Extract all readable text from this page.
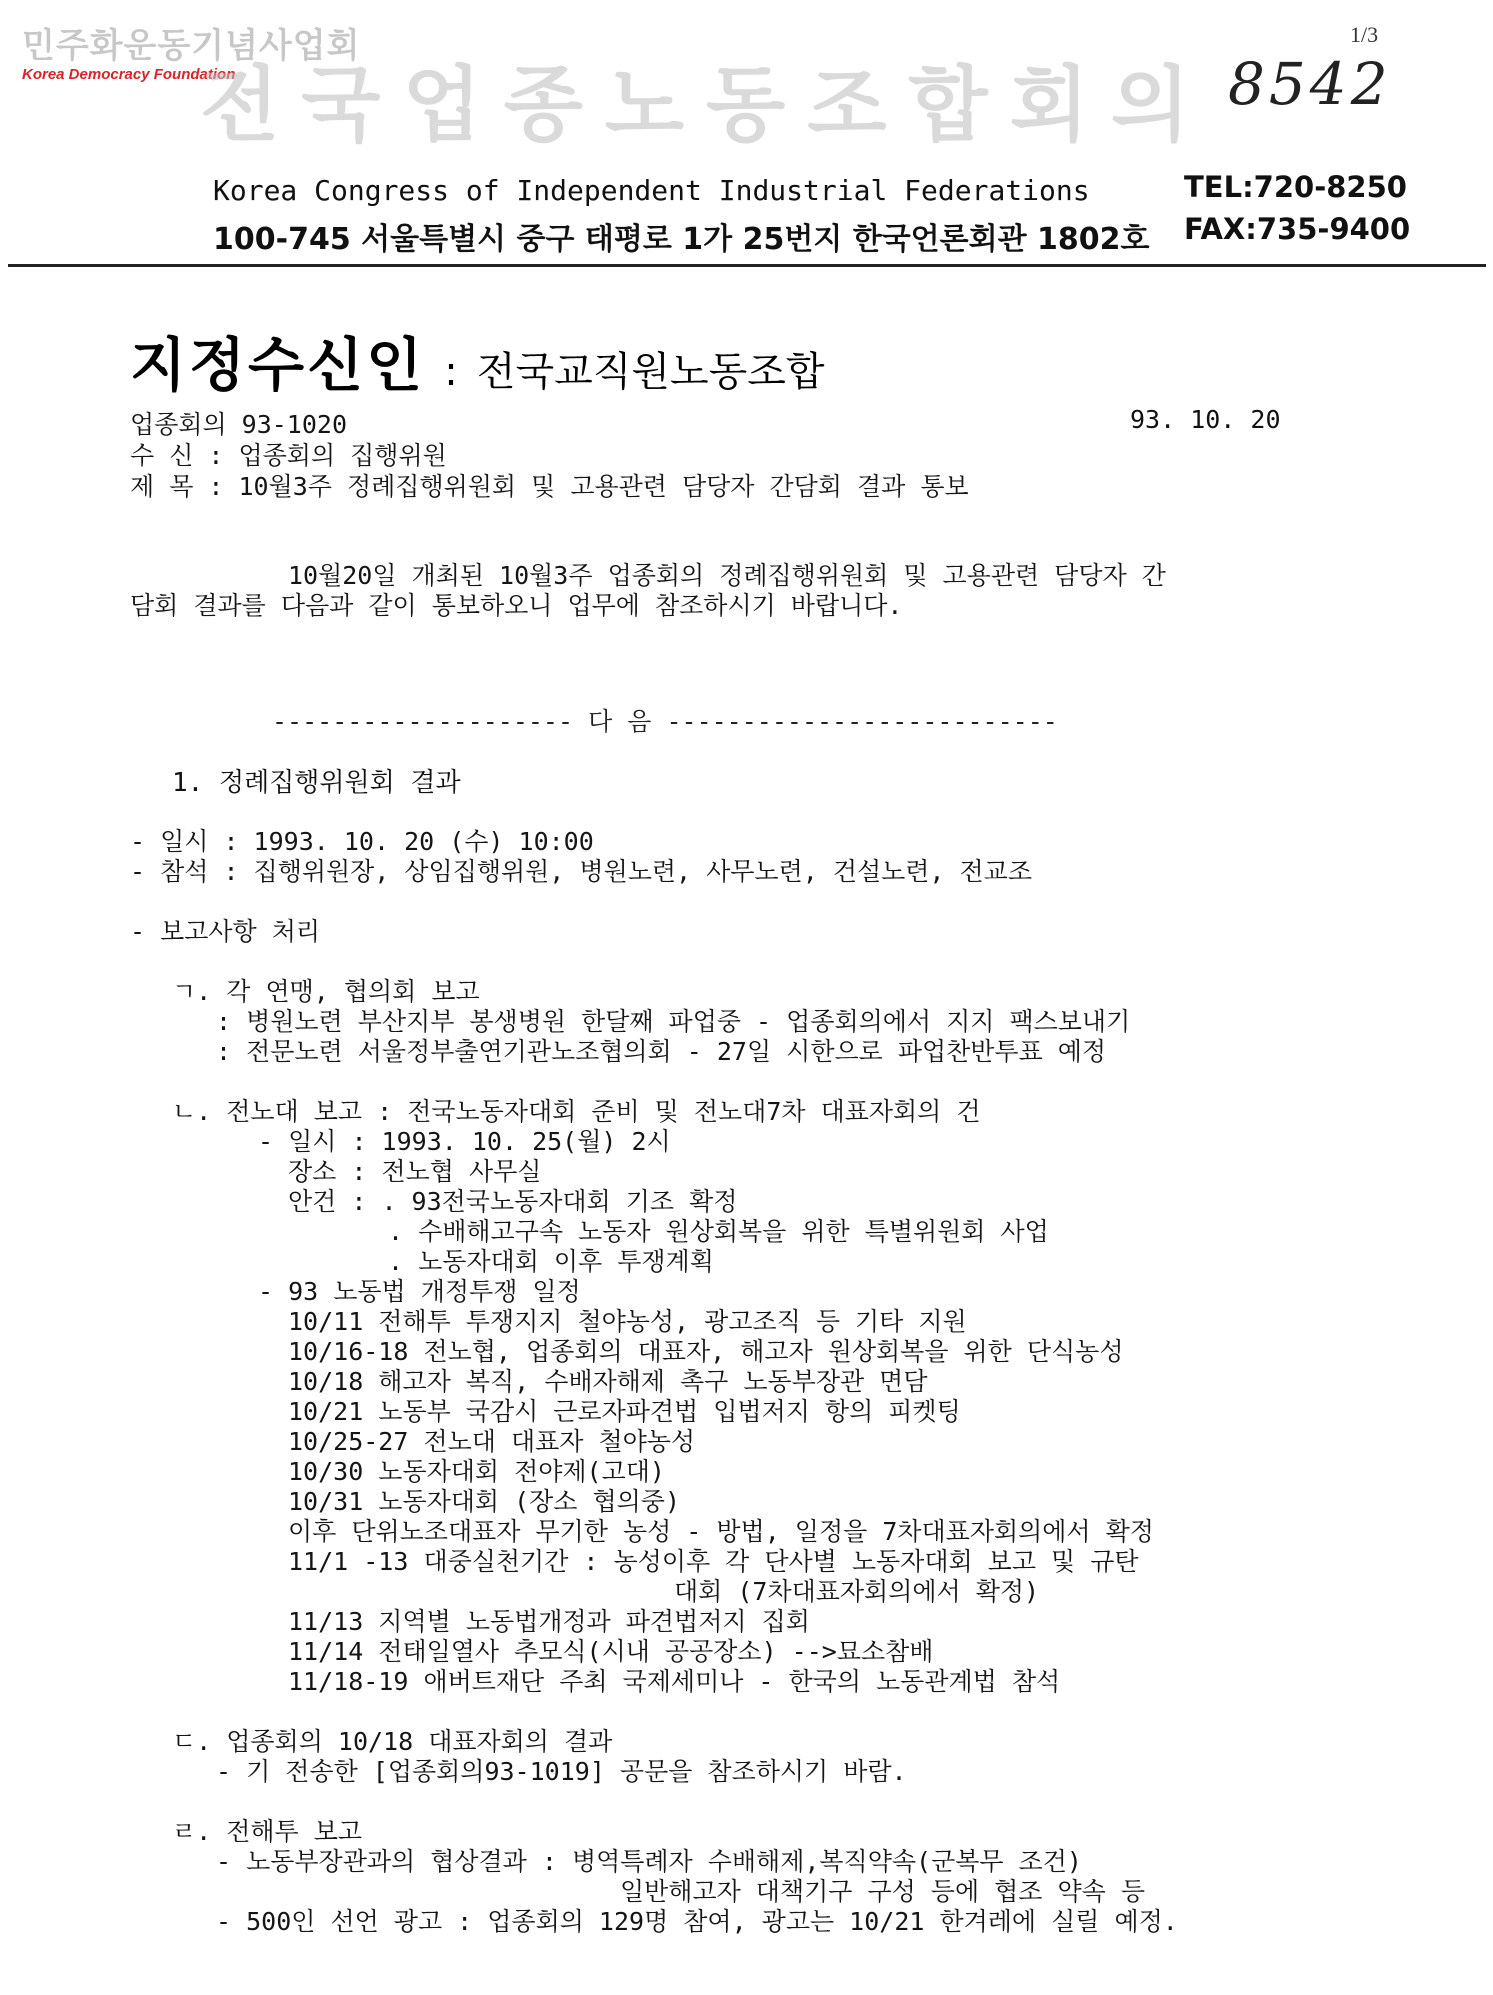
민주화운동기념사업회
Korea Democracy Foundation
전국업종노동조합회의
1/3
8542
Korea Congress of Independent Industrial Federations
100-745 서울특별시 중구 태평로 1가 25번지 한국언론회관 1802호
TEL:720-8250
FAX:735-9400
지정수신인 : 전국교직원노동조합
업종회의 93-1020	93. 10. 20
수 신 : 업종회의 집행위원
제 목 : 10월3주 정례집행위원회 및 고용관련 담당자 간담회 결과 통보
10월20일 개최된 10월3주 업종회의 정례집행위원회 및 고용관련 담당자 간
담회 결과를 다음과 같이 통보하오니 업무에 참조하시기 바랍니다.
-------------------- 다 음 --------------------------
1. 정례집행위원회 결과
- 일시 : 1993. 10. 20 (수) 10:00
- 참석 : 집행위원장, 상임집행위원, 병원노련, 사무노련, 건설노련, 전교조
- 보고사항 처리
ㄱ. 각 연맹, 협의회 보고
: 병원노련 부산지부 봉생병원 한달째 파업중 - 업종회의에서 지지 팩스보내기
: 전문노련 서울정부출연기관노조협의회 - 27일 시한으로 파업찬반투표 예정
ㄴ. 전노대 보고 : 전국노동자대회 준비 및 전노대7차 대표자회의 건
- 일시 : 1993. 10. 25(월) 2시
장소 : 전노협 사무실
안건 : . 93전국노동자대회 기조 확정
. 수배해고구속 노동자 원상회복을 위한 특별위원회 사업
. 노동자대회 이후 투쟁계획
- 93 노동법 개정투쟁 일정
10/11 전해투 투쟁지지 철야농성, 광고조직 등 기타 지원
10/16-18 전노협, 업종회의 대표자, 해고자 원상회복을 위한 단식농성
10/18 해고자 복직, 수배자해제 촉구 노동부장관 면담
10/21 노동부 국감시 근로자파견법 입법저지 항의 피켓팅
10/25-27 전노대 대표자 철야농성
10/30 노동자대회 전야제(고대)
10/31 노동자대회 (장소 협의중)
이후 단위노조대표자 무기한 농성 - 방법, 일정을 7차대표자회의에서 확정
11/1 -13 대중실천기간 : 농성이후 각 단사별 노동자대회 보고 및 규탄
대회 (7차대표자회의에서 확정)
11/13 지역별 노동법개정과 파견법저지 집회
11/14 전태일열사 추모식(시내 공공장소) -->묘소참배
11/18-19 애버트재단 주최 국제세미나 - 한국의 노동관계법 참석
ㄷ. 업종회의 10/18 대표자회의 결과
- 기 전송한 [업종회의93-1019] 공문을 참조하시기 바람.
ㄹ. 전해투 보고
- 노동부장관과의 협상결과 : 병역특례자 수배해제,복직약속(군복무 조건)
일반해고자 대책기구 구성 등에 협조 약속 등
- 500인 선언 광고 : 업종회의 129명 참여, 광고는 10/21 한겨레에 실릴 예정.
